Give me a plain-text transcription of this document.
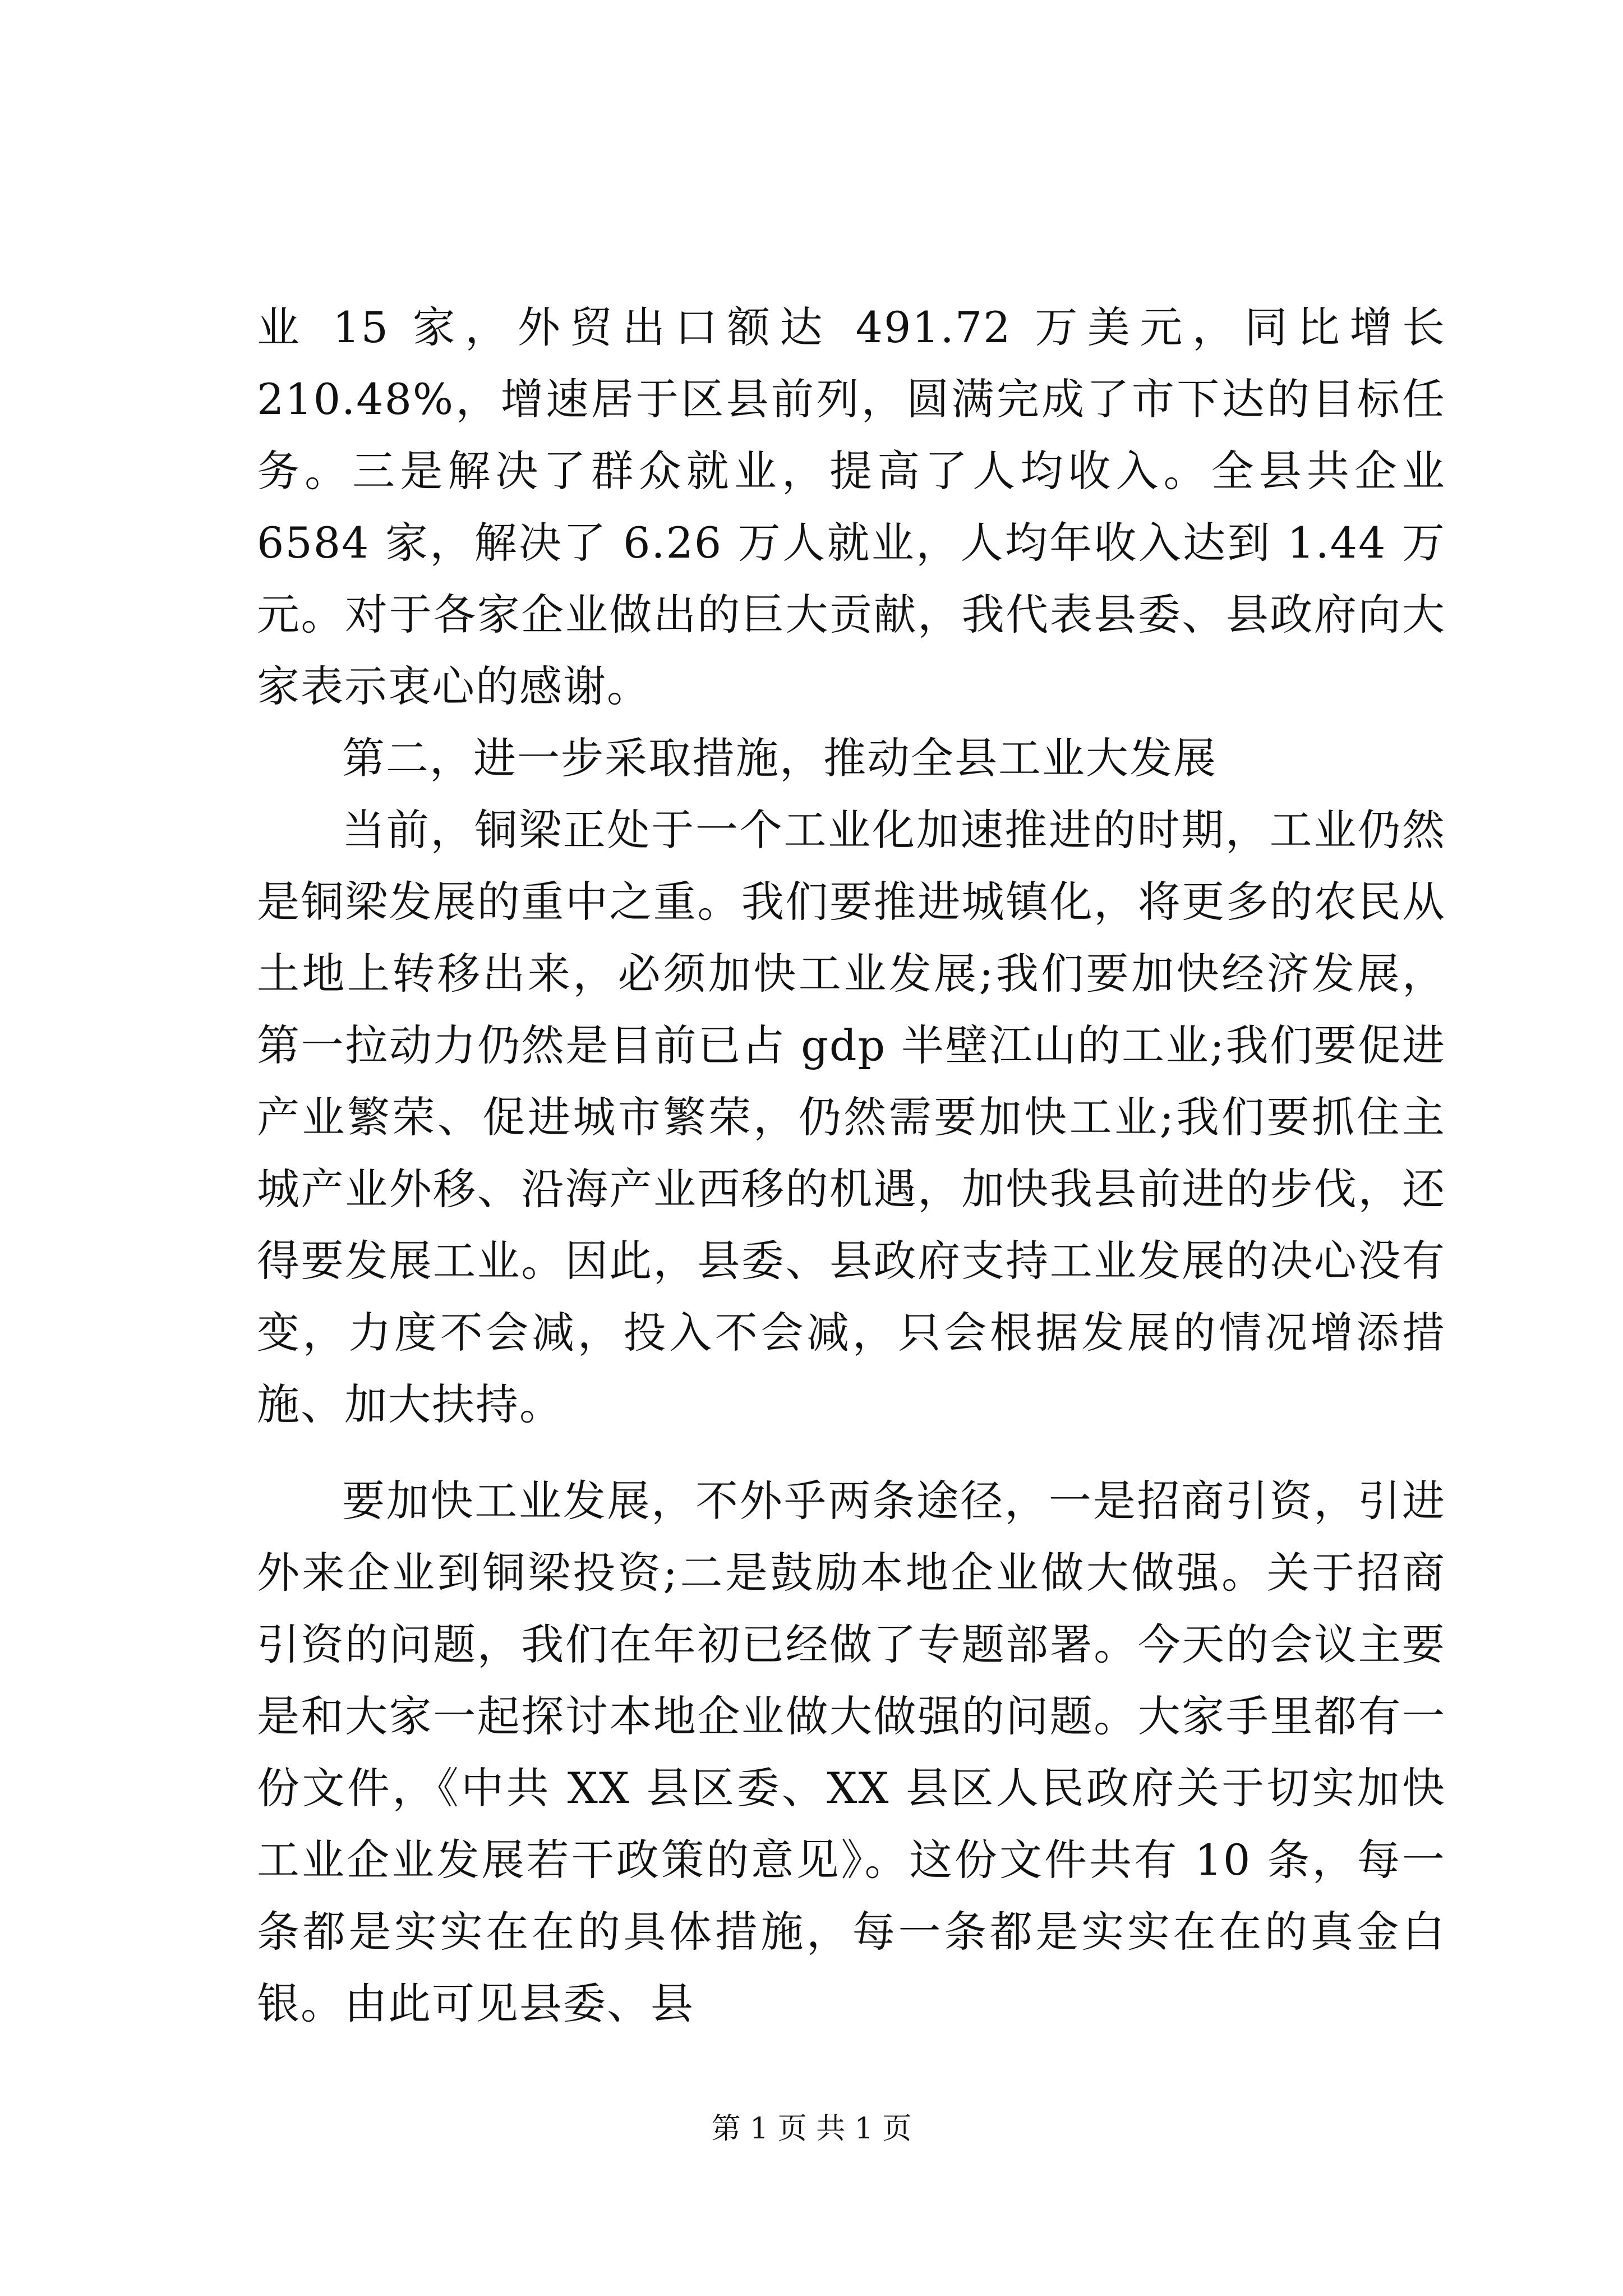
业 15 家，外贸出口额达 491.72 万美元，同比增长 210.48%，增速居于区县前列，圆满完成了市下达的目标任务。三是解决了群众就业，提高了人均收入。全县共企业 6584 家，解决了 6.26 万人就业，人均年收入达到 1.44 万元。对于各家企业做出的巨大贡献，我代表县委、县政府向大家表示衷心的感谢。

第二，进一步采取措施，推动全县工业大发展

当前，铜梁正处于一个工业化加速推进的时期，工业仍然是铜梁发展的重中之重。我们要推进城镇化，将更多的农民从土地上转移出来，必须加快工业发展;我们要加快经济发展，第一拉动力仍然是目前已占 gdp 半壁江山的工业;我们要促进产业繁荣、促进城市繁荣，仍然需要加快工业;我们要抓住主城产业外移、沿海产业西移的机遇，加快我县前进的步伐，还得要发展工业。因此，县委、县政府支持工业发展的决心没有变，力度不会减，投入不会减，只会根据发展的情况增添措施、加大扶持。

要加快工业发展，不外乎两条途径，一是招商引资，引进外来企业到铜梁投资;二是鼓励本地企业做大做强。关于招商引资的问题，我们在年初已经做了专题部署。今天的会议主要是和大家一起探讨本地企业做大做强的问题。大家手里都有一份文件，《中共 XX 县区委、XX 县区人民政府关于切实加快工业企业发展若干政策的意见》。这份文件共有 10 条，每一条都是实实在在的具体措施，每一条都是实实在在的真金白银。由此可见县委、县

第 1 页 共 1 页
